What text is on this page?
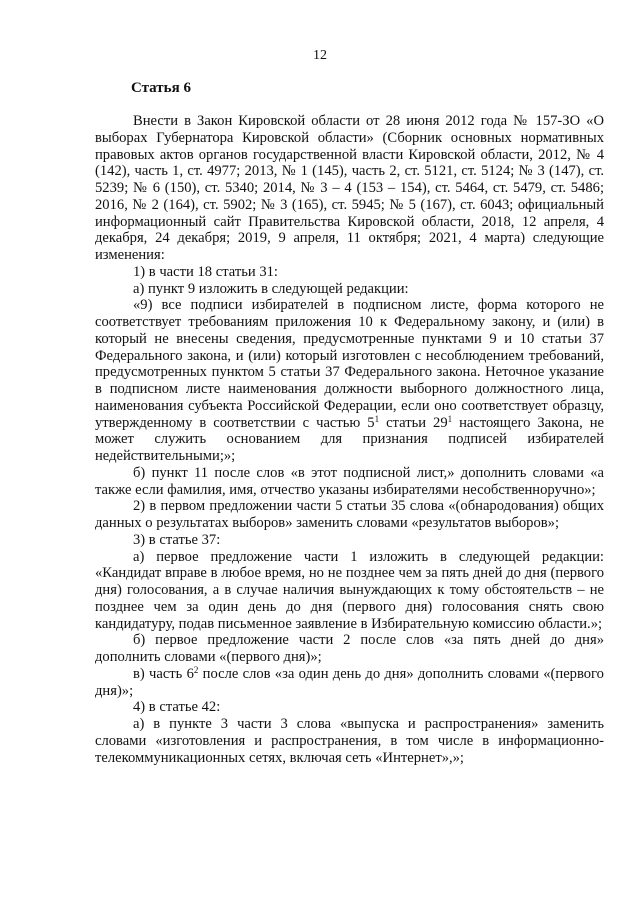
12
Статья 6

Внести в Закон Кировской области от 28 июня 2012 года № 157-ЗО «О выборах Губернатора Кировской области» (Сборник основных нормативных правовых актов органов государственной власти Кировской области, 2012, № 4 (142), часть 1, ст. 4977; 2013, № 1 (145), часть 2, ст. 5121, ст. 5124; № 3 (147), ст. 5239; № 6 (150), ст. 5340; 2014, № 3 – 4 (153 – 154), ст. 5464, ст. 5479, ст. 5486; 2016, № 2 (164), ст. 5902; № 3 (165), ст. 5945; № 5 (167), ст. 6043; официальный информационный сайт Правительства Кировской области, 2018, 12 апреля, 4 декабря, 24 декабря; 2019, 9 апреля, 11 октября; 2021, 4 марта) следующие изменения:

1) в части 18 статьи 31:

а) пункт 9 изложить в следующей редакции:

«9) все подписи избирателей в подписном листе, форма которого не соответствует требованиям приложения 10 к Федеральному закону, и (или) в который не внесены сведения, предусмотренные пунктами 9 и 10 статьи 37 Федерального закона, и (или) который изготовлен с несоблюдением требований, предусмотренных пунктом 5 статьи 37 Федерального закона. Неточное указание в подписном листе наименования должности выборного должностного лица, наименования субъекта Российской Федерации, если оно соответствует образцу, утвержденному в соответствии с частью $5^1$ статьи $29^1$ настоящего Закона, не может служить основанием для признания подписей избирателей недействительными;»;

б) пункт 11 после слов «в этот подписной лист,» дополнить словами «а также если фамилия, имя, отчество указаны избирателями несобственноручно»;

2) в первом предложении части 5 статьи 35 слова «(обнародования) общих данных о результатах выборов» заменить словами «результатов выборов»;

3) в статье 37:

а) первое предложение части 1 изложить в следующей редакции: «Кандидат вправе в любое время, но не позднее чем за пять дней до дня (первого дня) голосования, а в случае наличия вынуждающих к тому обстоятельств – не позднее чем за один день до дня (первого дня) голосования снять свою кандидатуру, подав письменное заявление в Избирательную комиссию области.»;

б) первое предложение части 2 после слов «за пять дней до дня» дополнить словами «(первого дня)»;

в) часть $6^2$ после слов «за один день до дня» дополнить словами «(первого дня)»;

4) в статье 42:

а) в пункте 3 части 3 слова «выпуска и распространения» заменить словами «изготовления и распространения, в том числе в информационно-телекоммуникационных сетях, включая сеть «Интернет»,»;
